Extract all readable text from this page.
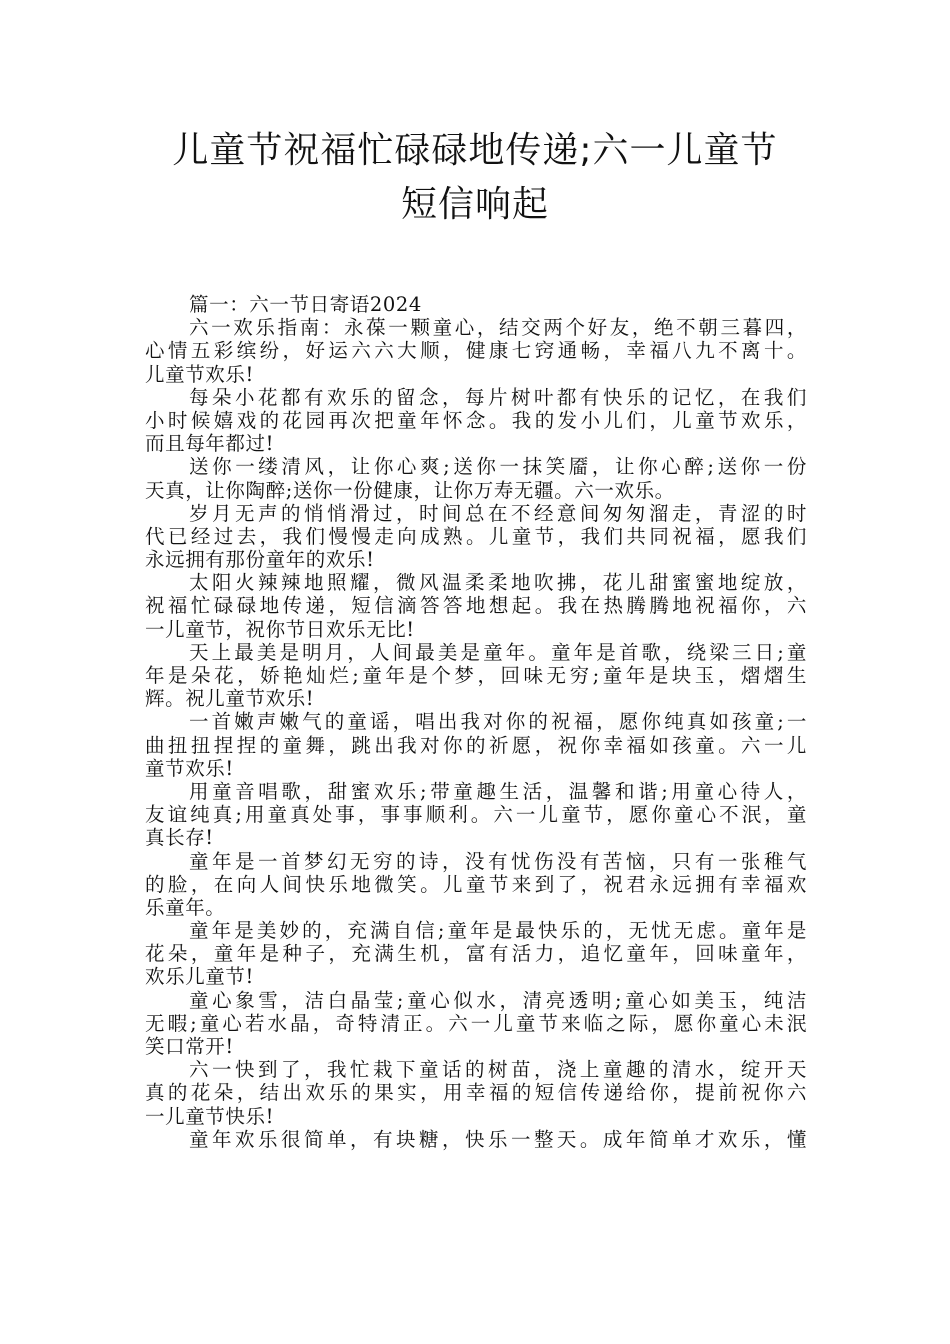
儿童节祝福忙碌碌地传递;六一儿童节
短信响起
篇一：六一节日寄语2024
六一欢乐指南：永葆一颗童心，结交两个好友，绝不朝三暮四，
心情五彩缤纷，好运六六大顺，健康七窍通畅，幸福八九不离十。
儿童节欢乐!
每朵小花都有欢乐的留念，每片树叶都有快乐的记忆，在我们
小时候嬉戏的花园再次把童年怀念。我的发小儿们，儿童节欢乐，
而且每年都过!
送你一缕清风，让你心爽;送你一抹笑靥，让你心醉;送你一份
天真，让你陶醉;送你一份健康，让你万寿无疆。六一欢乐。
岁月无声的悄悄滑过，时间总在不经意间匆匆溜走，青涩的时
代已经过去，我们慢慢走向成熟。儿童节，我们共同祝福，愿我们
永远拥有那份童年的欢乐!
太阳火辣辣地照耀，微风温柔柔地吹拂，花儿甜蜜蜜地绽放，
祝福忙碌碌地传递，短信滴答答地想起。我在热腾腾地祝福你，六
一儿童节，祝你节日欢乐无比!
天上最美是明月，人间最美是童年。童年是首歌，绕梁三日;童
年是朵花，娇艳灿烂;童年是个梦，回味无穷;童年是块玉，熠熠生
辉。祝儿童节欢乐!
一首嫩声嫩气的童谣，唱出我对你的祝福，愿你纯真如孩童;一
曲扭扭捏捏的童舞，跳出我对你的祈愿，祝你幸福如孩童。六一儿
童节欢乐!
用童音唱歌，甜蜜欢乐;带童趣生活，温馨和谐;用童心待人，
友谊纯真;用童真处事，事事顺利。六一儿童节，愿你童心不泯，童
真长存!
童年是一首梦幻无穷的诗，没有忧伤没有苦恼，只有一张稚气
的脸，在向人间快乐地微笑。儿童节来到了，祝君永远拥有幸福欢
乐童年。
童年是美妙的，充满自信;童年是最快乐的，无忧无虑。童年是
花朵，童年是种子，充满生机，富有活力，追忆童年，回味童年，
欢乐儿童节!
童心象雪，洁白晶莹;童心似水，清亮透明;童心如美玉，纯洁
无暇;童心若水晶，奇特清正。六一儿童节来临之际，愿你童心未泯
笑口常开!
六一快到了，我忙栽下童话的树苗，浇上童趣的清水，绽开天
真的花朵，结出欢乐的果实，用幸福的短信传递给你，提前祝你六
一儿童节快乐!
童年欢乐很简单，有块糖，快乐一整天。成年简单才欢乐，懂
